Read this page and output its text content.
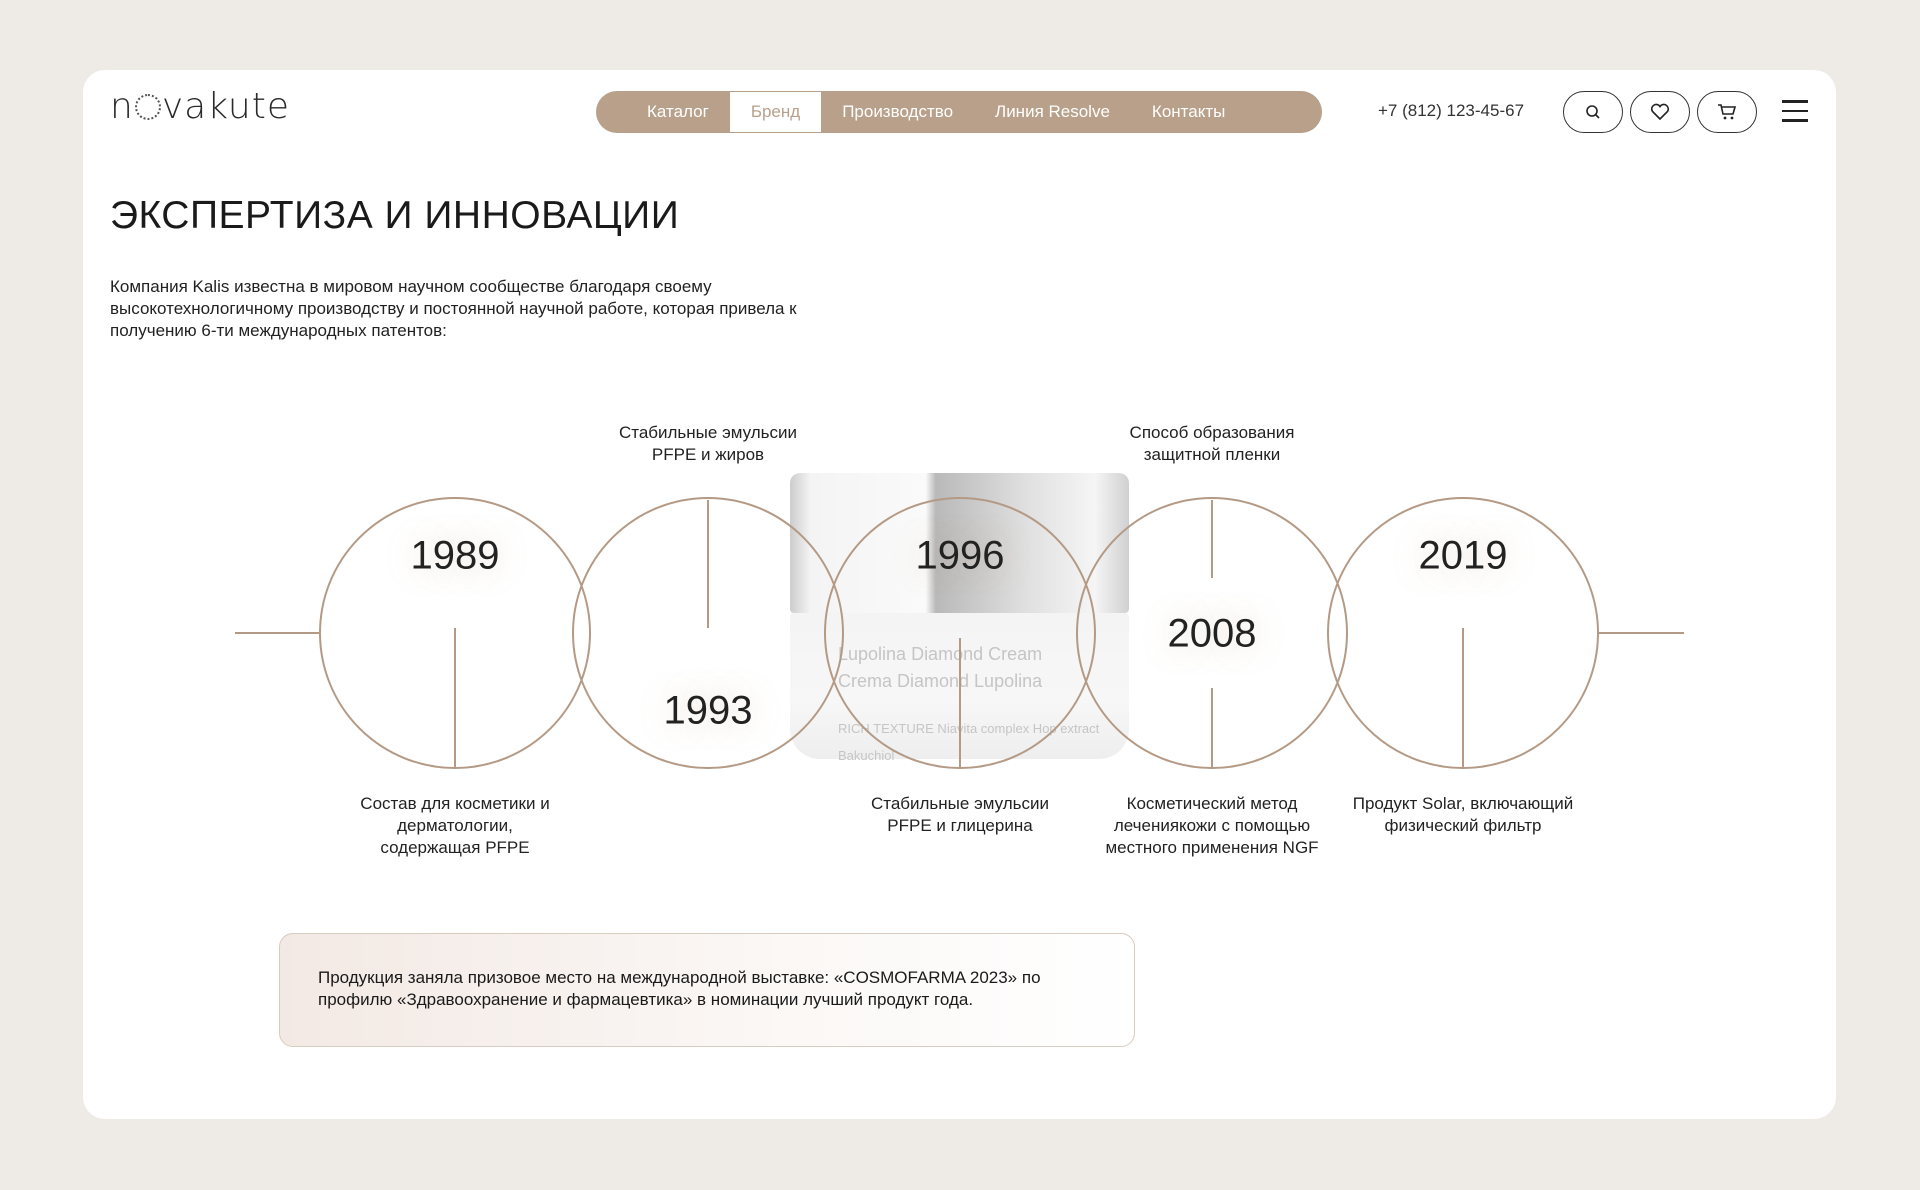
n vakute	Каталог	Бренд	Производство	Линия Resolve	Контакты	+7 (812) 123-45-67
ЭКСПЕРТИЗА И ИННОВАЦИИ

Компания Kalis известна в мировом научном сообществе благодаря своему высокотехнологичному производству и постоянной научной работе, которая привела к получению 6-ти международных патентов:

Lupolina Diamond Cream
Crema Diamond Lupolina
RICH TEXTURE Niavita complex Hop extract Bakuchiol
1989
1993
1996
2008
2019
Стабильные эмульсии PFPE и жиров
Способ образования защитной пленки
Состав для косметики и дерматологии, содержащая PFPE
Стабильные эмульсии PFPE и глицерина
Косметический метод лечениякожи с помощью местного применения NGF
Продукт Solar, включающий физический фильтр
Продукция заняла призовое место на международной выставке: «COSMOFARMA 2023» по профилю «Здравоохранение и фармацевтика» в номинации лучший продукт года.
